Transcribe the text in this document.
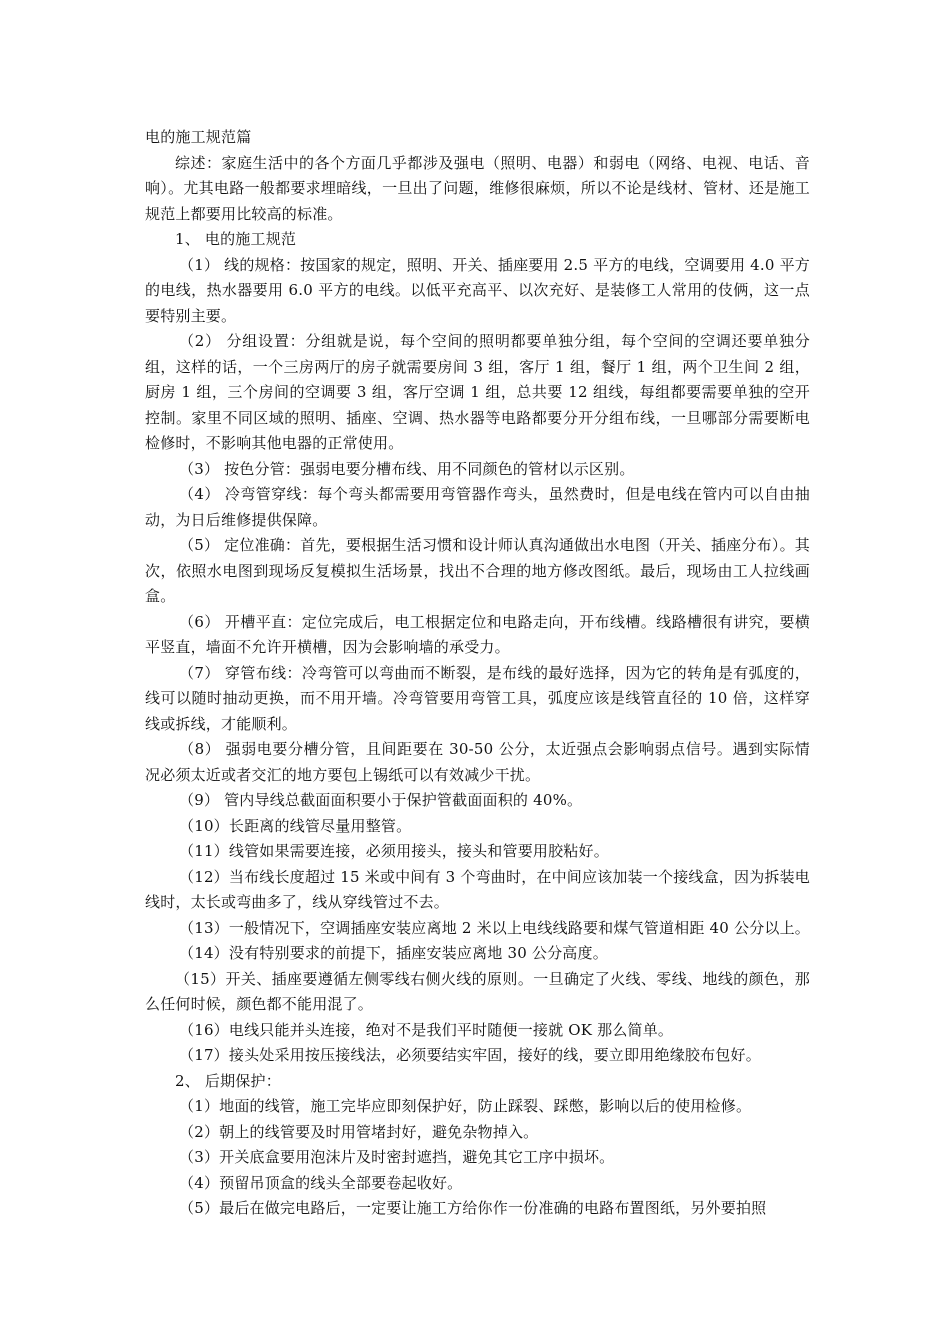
电的施工规范篇

综述：家庭生活中的各个方面几乎都涉及强电（照明、电器）和弱电（网络、电视、电话、音响）。尤其电路一般都要求埋暗线，一旦出了问题，维修很麻烦，所以不论是线材、管材、还是施工规范上都要用比较高的标准。

1、 电的施工规范

（1） 线的规格：按国家的规定，照明、开关、插座要用 2.5 平方的电线，空调要用 4.0 平方的电线，热水器要用 6.0 平方的电线。以低平充高平、以次充好、是装修工人常用的伎俩，这一点要特别主要。

（2） 分组设置：分组就是说，每个空间的照明都要单独分组，每个空间的空调还要单独分组，这样的话，一个三房两厅的房子就需要房间 3 组，客厅 1 组，餐厅 1 组，两个卫生间 2 组，厨房 1 组，三个房间的空调要 3 组，客厅空调 1 组，总共要 12 组线，每组都要需要单独的空开控制。家里不同区域的照明、插座、空调、热水器等电路都要分开分组布线，一旦哪部分需要断电检修时，不影响其他电器的正常使用。

（3） 按色分管：强弱电要分槽布线、用不同颜色的管材以示区别。

（4） 冷弯管穿线：每个弯头都需要用弯管器作弯头，虽然费时，但是电线在管内可以自由抽动，为日后维修提供保障。

（5） 定位准确：首先，要根据生活习惯和设计师认真沟通做出水电图（开关、插座分布）。其次，依照水电图到现场反复模拟生活场景，找出不合理的地方修改图纸。最后，现场由工人拉线画盒。

（6） 开槽平直：定位完成后，电工根据定位和电路走向，开布线槽。线路槽很有讲究，要横平竖直，墙面不允许开横槽，因为会影响墙的承受力。

（7） 穿管布线：冷弯管可以弯曲而不断裂，是布线的最好选择，因为它的转角是有弧度的，线可以随时抽动更换，而不用开墙。冷弯管要用弯管工具，弧度应该是线管直径的 10 倍，这样穿线或拆线，才能顺利。

（8） 强弱电要分槽分管，且间距要在 30-50 公分，太近强点会影响弱点信号。遇到实际情况必须太近或者交汇的地方要包上锡纸可以有效减少干扰。

（9） 管内导线总截面面积要小于保护管截面面积的 40%。

（10）长距离的线管尽量用整管。

（11）线管如果需要连接，必须用接头，接头和管要用胶粘好。

（12）当布线长度超过 15 米或中间有 3 个弯曲时，在中间应该加装一个接线盒，因为拆装电线时，太长或弯曲多了，线从穿线管过不去。

（13）一般情况下，空调插座安装应离地 2 米以上电线线路要和煤气管道相距 40 公分以上。

（14）没有特别要求的前提下，插座安装应离地 30 公分高度。

（15）开关、插座要遵循左侧零线右侧火线的原则。一旦确定了火线、零线、地线的颜色，那么任何时候，颜色都不能用混了。

（16）电线只能并头连接，绝对不是我们平时随便一接就 OK 那么简单。

（17）接头处采用按压接线法，必须要结实牢固，接好的线，要立即用绝缘胶布包好。

2、 后期保护：

（1）地面的线管，施工完毕应即刻保护好，防止踩裂、踩憋，影响以后的使用检修。

（2）朝上的线管要及时用管堵封好，避免杂物掉入。

（3）开关底盒要用泡沫片及时密封遮挡，避免其它工序中损坏。

（4）预留吊顶盒的线头全部要卷起收好。

（5）最后在做完电路后，一定要让施工方给你作一份准确的电路布置图纸，另外要拍照
